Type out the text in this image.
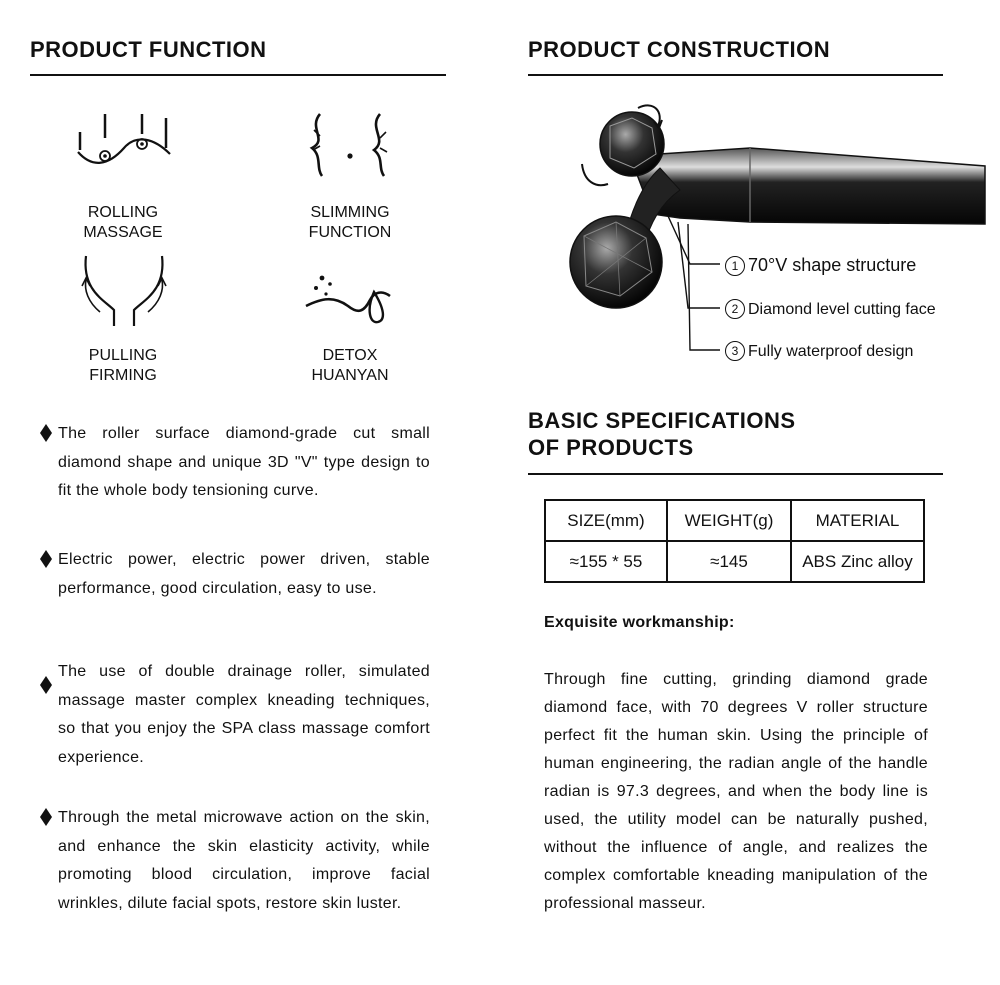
PRODUCT FUNCTION
ROLLING
MASSAGE
SLIMMING
FUNCTION
PULLING
FIRMING
DETOX
HUANYAN

The roller surface diamond-grade cut small diamond shape and unique 3D "V" type design to fit the whole body tensioning curve.

Electric power, electric power driven, stable performance, good circulation, easy to use.

The use of double drainage roller, simulated massage master complex kneading techniques, so that you enjoy the SPA class massage comfort experience.

Through the metal microwave action on the skin, and enhance the skin elasticity activity, while promoting blood circulation, improve facial wrinkles, dilute facial spots, restore skin luster.

PRODUCT CONSTRUCTION
1 70°V shape structure
2 Diamond level cutting face
3 Fully waterproof design
BASIC SPECIFICATIONS
OF PRODUCTS
SIZE(mm)	WEIGHT(g)	MATERIAL
≈155 * 55	≈145	ABS Zinc alloy
Exquisite workmanship:

Through fine cutting, grinding diamond grade diamond face, with 70 degrees V roller structure perfect fit the human skin. Using the principle of human engineering, the radian angle of the handle radian is 97.3 degrees, and when the body line is used, the utility model can be naturally pushed, without the influence of angle, and realizes the complex comfortable kneading manipulation of the professional masseur.
